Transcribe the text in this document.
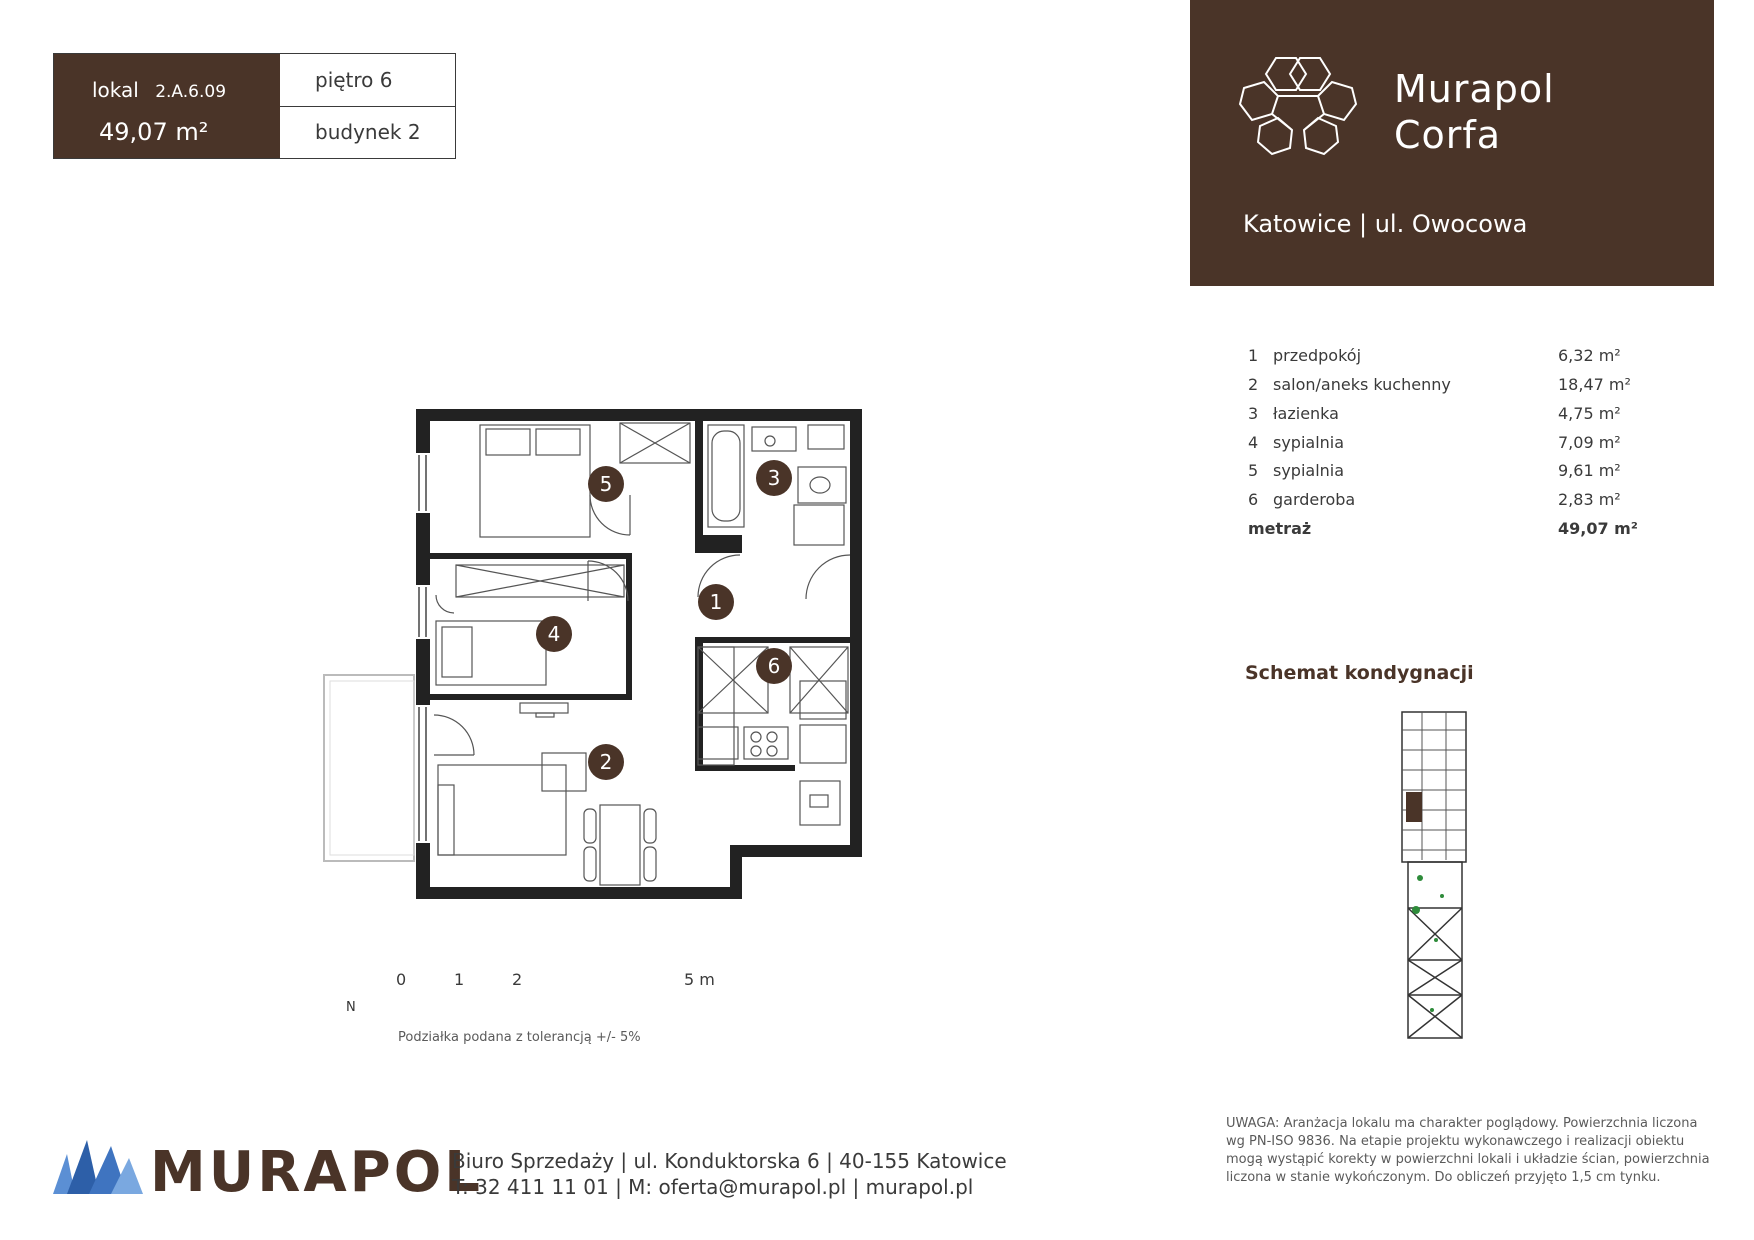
lokal 2.A.6.09
49,07 m²
piętro 6
budynek 2
Murapol
Corfa
Katowice | ul. Owocowa
1 przedpokój	6,32 m²
2 salon/aneks kuchenny	18,47 m²
3 łazienka	4,75 m²
4 sypialnia	7,09 m²
5 sypialnia	9,61 m²
6 garderoba	2,83 m²
metraż	49,07 m²
Schemat kondygnacji
1
2
3
4
5
6
0	1	2	5 m
N
Podziałka podana z tolerancją +/- 5%
UWAGA: Aranżacja lokalu ma charakter poglądowy. Powierzchnia liczona wg PN-ISO 9836. Na etapie projektu wykonawczego i realizacji obiektu mogą wystąpić korekty w powierzchni lokali i układzie ścian, powierzchnia liczona w stanie wykończonym. Do obliczeń przyjęto 1,5 cm tynku.
MURAPOL
Biuro Sprzedaży | ul. Konduktorska 6 | 40-155 Katowice
T: 32 411 11 01 | M: oferta@murapol.pl | murapol.pl
